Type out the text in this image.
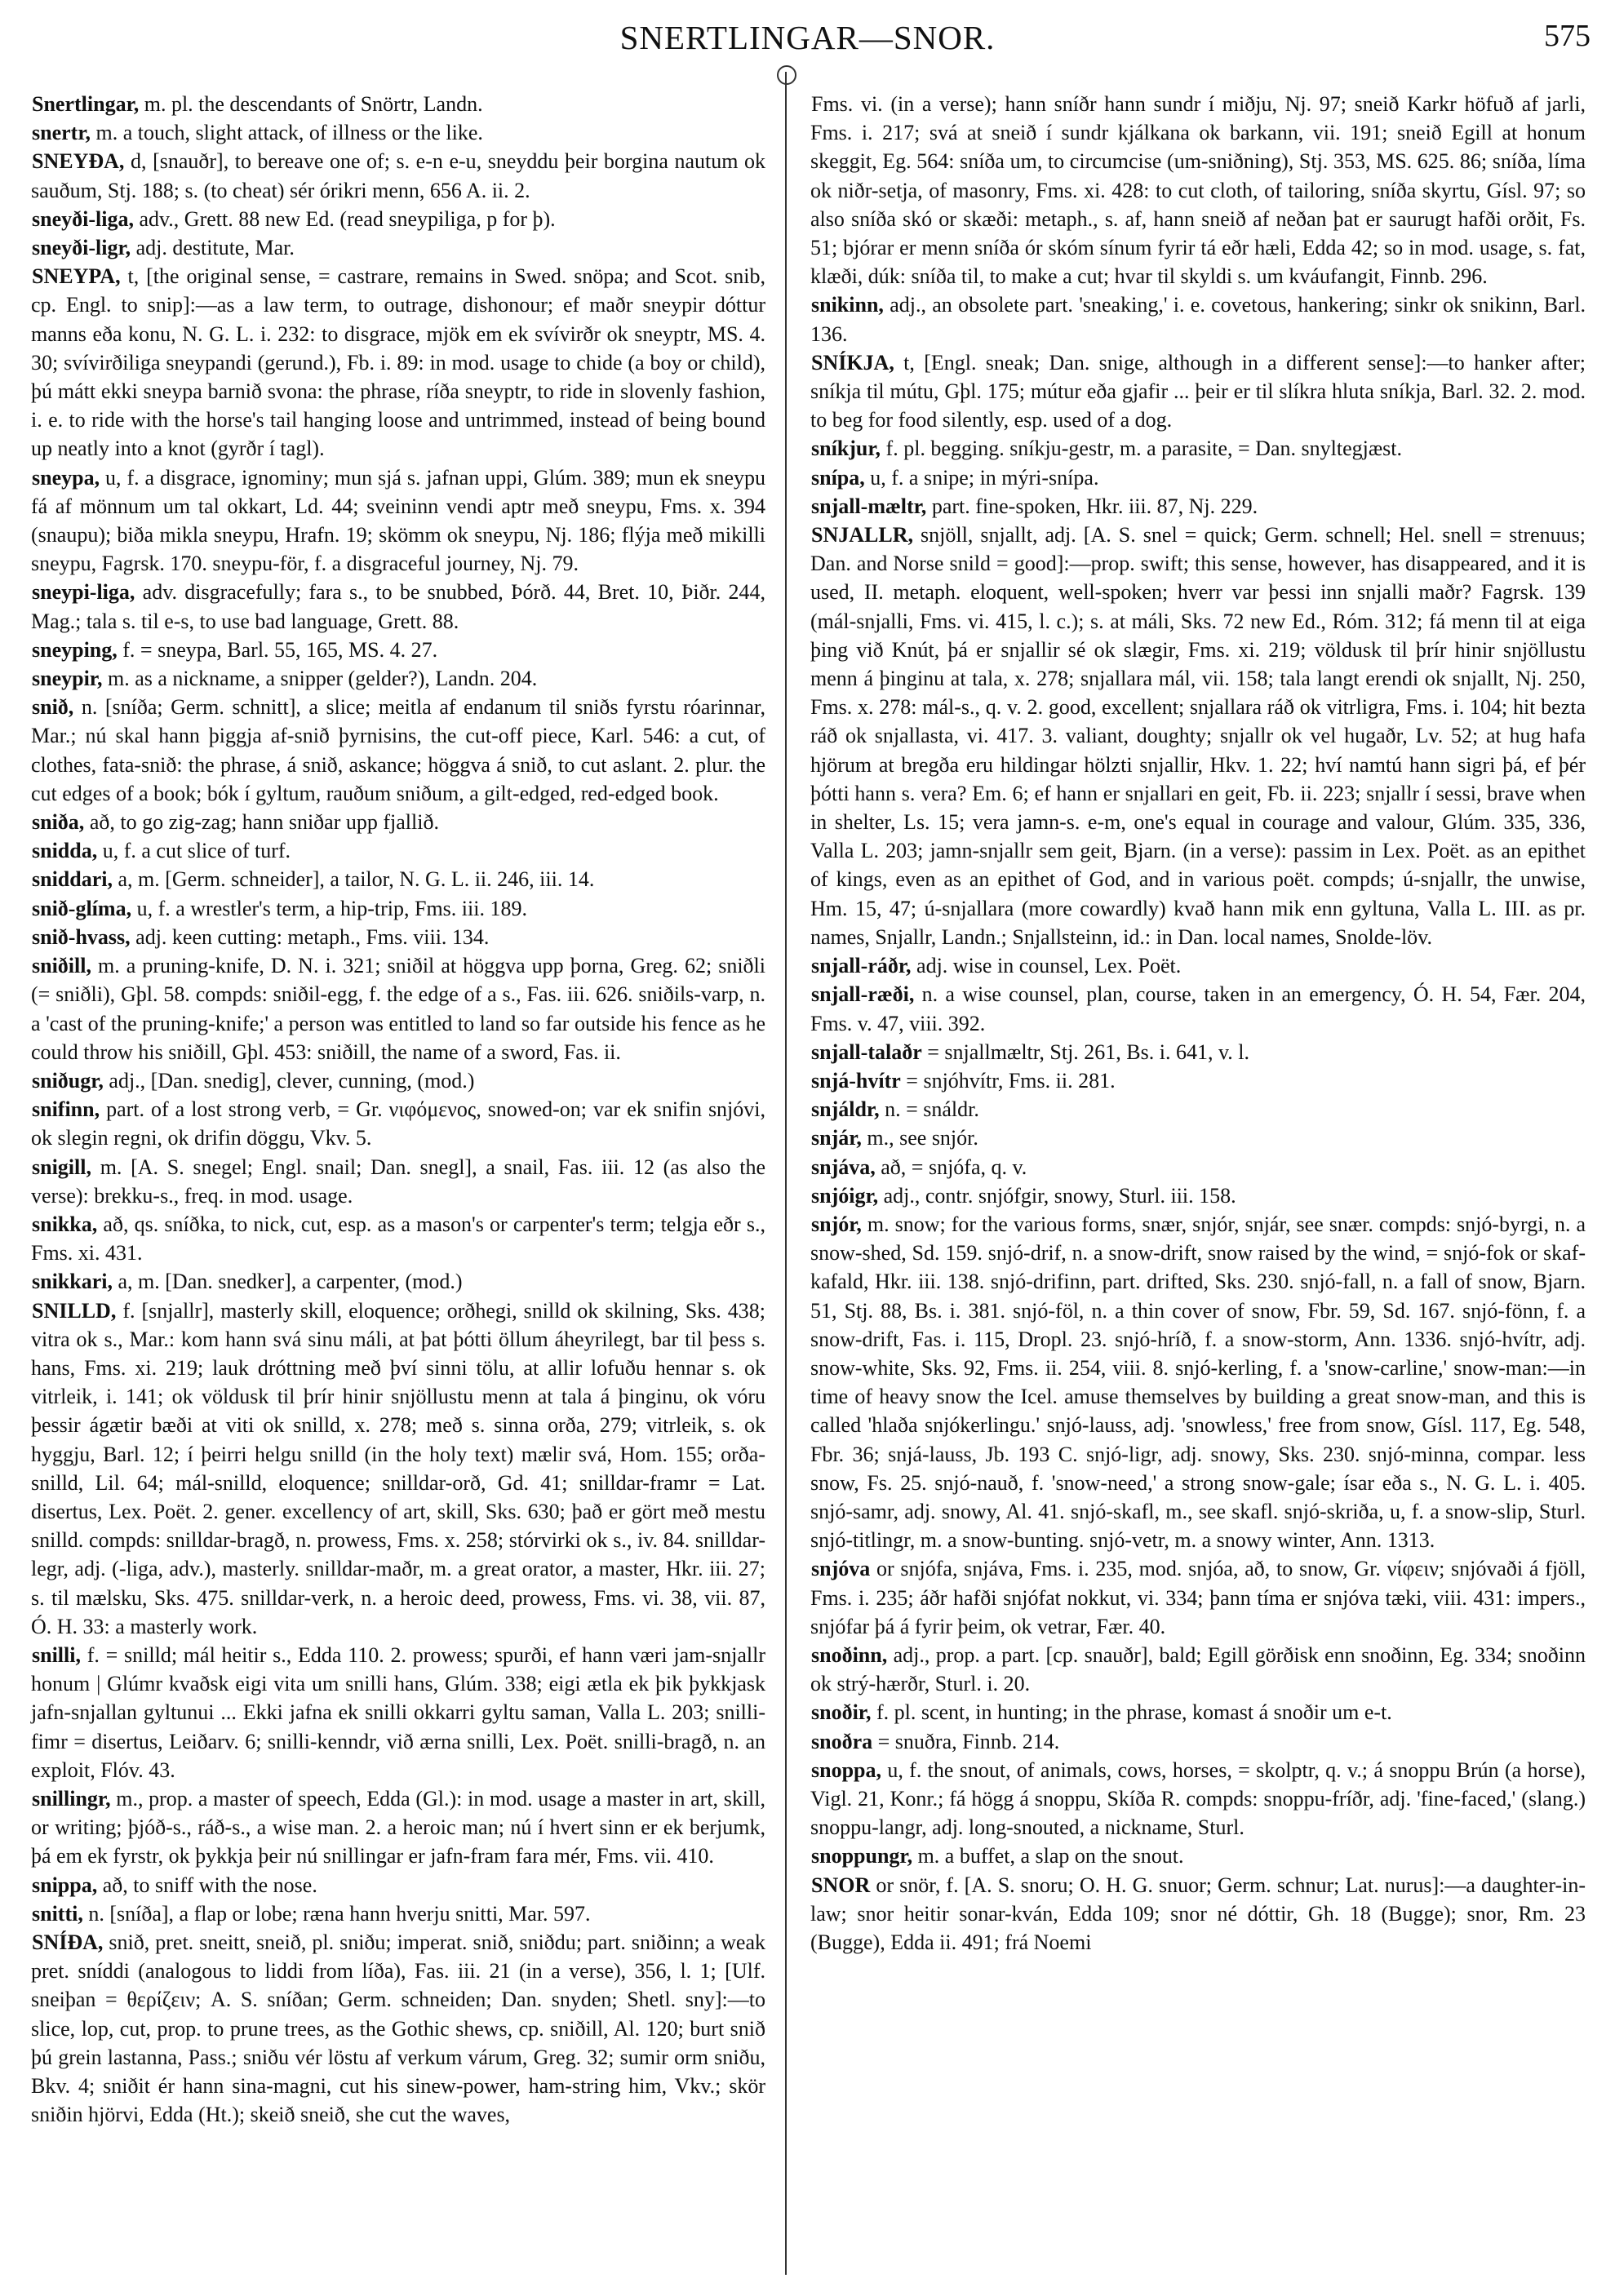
SNERTLINGAR—SNOR.	575

Snertlingar, m. pl. the descendants of Snörtr, Landn.

snertr, m. a touch, slight attack, of illness or the like.

SNEYÐA, d, [snauðr], to bereave one of; s. e-n e-u, sneyddu þeir borgina nautum ok sauðum, Stj. 188; s. (to cheat) sér órikri menn, 656 A. ii. 2.

sneyði-liga, adv., Grett. 88 new Ed. (read sneypiliga, p for þ).

sneyði-ligr, adj. destitute, Mar.

SNEYPA, t, [the original sense, = castrare, remains in Swed. snöpa; and Scot. snib, cp. Engl. to snip]:—as a law term, to outrage, dishonour; ef maðr sneypir dóttur manns eða konu, N. G. L. i. 232: to disgrace, mjök em ek svívirðr ok sneyptr, MS. 4. 30; svívirðiliga sneypandi (gerund.), Fb. i. 89: in mod. usage to chide (a boy or child), þú mátt ekki sneypa barnið svona: the phrase, ríða sneyptr, to ride in slovenly fashion, i. e. to ride with the horse's tail hanging loose and untrimmed, instead of being bound up neatly into a knot (gyrðr í tagl).

sneypa, u, f. a disgrace, ignominy; mun sjá s. jafnan uppi, Glúm. 389; mun ek sneypu fá af mönnum um tal okkart, Ld. 44; sveininn vendi aptr með sneypu, Fms. x. 394 (snaupu); biða mikla sneypu, Hrafn. 19; skömm ok sneypu, Nj. 186; flýja með mikilli sneypu, Fagrsk. 170. sneypu-för, f. a disgraceful journey, Nj. 79.

sneypi-liga, adv. disgracefully; fara s., to be snubbed, Þórð. 44, Bret. 10, Þiðr. 244, Mag.; tala s. til e-s, to use bad language, Grett. 88.

sneyping, f. = sneypa, Barl. 55, 165, MS. 4. 27.

sneypir, m. as a nickname, a snipper (gelder?), Landn. 204.

snið, n. [sníða; Germ. schnitt], a slice; meitla af endanum til sniðs fyrstu róarinnar, Mar.; nú skal hann þiggja af-snið þyrnisins, the cut-off piece, Karl. 546: a cut, of clothes, fata-snið: the phrase, á snið, askance; höggva á snið, to cut aslant. 2. plur. the cut edges of a book; bók í gyltum, rauðum sniðum, a gilt-edged, red-edged book.

sniða, að, to go zig-zag; hann sniðar upp fjallið.

snidda, u, f. a cut slice of turf.

sniddari, a, m. [Germ. schneider], a tailor, N. G. L. ii. 246, iii. 14.

snið-glíma, u, f. a wrestler's term, a hip-trip, Fms. iii. 189.

snið-hvass, adj. keen cutting: metaph., Fms. viii. 134.

sniðill, m. a pruning-knife, D. N. i. 321; sniðil at höggva upp þorna, Greg. 62; sniðli (= sniðli), Gþl. 58. compds: sniðil-egg, f. the edge of a s., Fas. iii. 626. sniðils-varp, n. a 'cast of the pruning-knife;' a person was entitled to land so far outside his fence as he could throw his sniðill, Gþl. 453: sniðill, the name of a sword, Fas. ii.

sniðugr, adj., [Dan. snedig], clever, cunning, (mod.)

snifinn, part. of a lost strong verb, = Gr. νιφόμενος, snowed-on; var ek snifin snjóvi, ok slegin regni, ok drifin döggu, Vkv. 5.

snigill, m. [A. S. snegel; Engl. snail; Dan. snegl], a snail, Fas. iii. 12 (as also the verse): brekku-s., freq. in mod. usage.

snikka, að, qs. sníðka, to nick, cut, esp. as a mason's or carpenter's term; telgja eðr s., Fms. xi. 431.

snikkari, a, m. [Dan. snedker], a carpenter, (mod.)

SNILLD, f. [snjallr], masterly skill, eloquence; orðhegi, snilld ok skilning, Sks. 438; vitra ok s., Mar.: kom hann svá sinu máli, at þat þótti öllum áheyrilegt, bar til þess s. hans, Fms. xi. 219; lauk dróttning með því sinni tölu, at allir lofuðu hennar s. ok vitrleik, i. 141; ok völdusk til þrír hinir snjöllustu menn at tala á þinginu, ok vóru þessir ágætir bæði at viti ok snilld, x. 278; með s. sinna orða, 279; vitrleik, s. ok hyggju, Barl. 12; í þeirri helgu snilld (in the holy text) mælir svá, Hom. 155; orða-snilld, Lil. 64; mál-snilld, eloquence; snilldar-orð, Gd. 41; snilldar-framr = Lat. disertus, Lex. Poët. 2. gener. excellency of art, skill, Sks. 630; það er gört með mestu snilld. compds: snilldar-bragð, n. prowess, Fms. x. 258; stórvirki ok s., iv. 84. snilldar-legr, adj. (-liga, adv.), masterly. snilldar-maðr, m. a great orator, a master, Hkr. iii. 27; s. til mælsku, Sks. 475. snilldar-verk, n. a heroic deed, prowess, Fms. vi. 38, vii. 87, Ó. H. 33: a masterly work.

snilli, f. = snilld; mál heitir s., Edda 110. 2. prowess; spurði, ef hann væri jam-snjallr honum | Glúmr kvaðsk eigi vita um snilli hans, Glúm. 338; eigi ætla ek þik þykkjask jafn-snjallan gyltunui ... Ekki jafna ek snilli okkarri gyltu saman, Valla L. 203; snilli-fimr = disertus, Leiðarv. 6; snilli-kenndr, við ærna snilli, Lex. Poët. snilli-bragð, n. an exploit, Flóv. 43.

snillingr, m., prop. a master of speech, Edda (Gl.): in mod. usage a master in art, skill, or writing; þjóð-s., ráð-s., a wise man. 2. a heroic man; nú í hvert sinn er ek berjumk, þá em ek fyrstr, ok þykkja þeir nú snillingar er jafn-fram fara mér, Fms. vii. 410.

snippa, að, to sniff with the nose.

snitti, n. [sníða], a flap or lobe; ræna hann hverju snitti, Mar. 597.

SNÍÐA, snið, pret. sneitt, sneið, pl. sniðu; imperat. snið, sniðdu; part. sniðinn; a weak pret. sníddi (analogous to liddi from líða), Fas. iii. 21 (in a verse), 356, l. 1; [Ulf. sneiþan = θερίζειν; A. S. sníðan; Germ. schneiden; Dan. snyden; Shetl. sny]:—to slice, lop, cut, prop. to prune trees, as the Gothic shews, cp. sniðill, Al. 120; burt snið þú grein lastanna, Pass.; sniðu vér löstu af verkum várum, Greg. 32; sumir orm sniðu, Bkv. 4; sniðit ér hann sina-magni, cut his sinew-power, ham-string him, Vkv.; skör sniðin hjörvi, Edda (Ht.); skeið sneið, she cut the waves,

Fms. vi. (in a verse); hann sníðr hann sundr í miðju, Nj. 97; sneið Karkr höfuð af jarli, Fms. i. 217; svá at sneið í sundr kjálkana ok barkann, vii. 191; sneið Egill at honum skeggit, Eg. 564: sníða um, to circumcise (um-sniðning), Stj. 353, MS. 625. 86; sníða, líma ok niðr-setja, of masonry, Fms. xi. 428: to cut cloth, of tailoring, sníða skyrtu, Gísl. 97; so also sníða skó or skæði: metaph., s. af, hann sneið af neðan þat er saurugt hafði orðit, Fs. 51; bjórar er menn sníða ór skóm sínum fyrir tá eðr hæli, Edda 42; so in mod. usage, s. fat, klæði, dúk: sníða til, to make a cut; hvar til skyldi s. um kváufangit, Finnb. 296.

snikinn, adj., an obsolete part. 'sneaking,' i. e. covetous, hankering; sinkr ok snikinn, Barl. 136.

SNÍKJA, t, [Engl. sneak; Dan. snige, although in a different sense]:—to hanker after; sníkja til mútu, Gþl. 175; mútur eða gjafir ... þeir er til slíkra hluta sníkja, Barl. 32. 2. mod. to beg for food silently, esp. used of a dog.

sníkjur, f. pl. begging. sníkju-gestr, m. a parasite, = Dan. snyltegjæst.

snípa, u, f. a snipe; in mýri-snípa.

snjall-mæltr, part. fine-spoken, Hkr. iii. 87, Nj. 229.

SNJALLR, snjöll, snjallt, adj. [A. S. snel = quick; Germ. schnell; Hel. snell = strenuus; Dan. and Norse snild = good]:—prop. swift; this sense, however, has disappeared, and it is used, II. metaph. eloquent, well-spoken; hverr var þessi inn snjalli maðr? Fagrsk. 139 (mál-snjalli, Fms. vi. 415, l. c.); s. at máli, Sks. 72 new Ed., Róm. 312; fá menn til at eiga þing við Knút, þá er snjallir sé ok slægir, Fms. xi. 219; völdusk til þrír hinir snjöllustu menn á þinginu at tala, x. 278; snjallara mál, vii. 158; tala langt erendi ok snjallt, Nj. 250, Fms. x. 278: mál-s., q. v. 2. good, excellent; snjallara ráð ok vitrligra, Fms. i. 104; hit bezta ráð ok snjallasta, vi. 417. 3. valiant, doughty; snjallr ok vel hugaðr, Lv. 52; at hug hafa hjörum at bregða eru hildingar hölzti snjallir, Hkv. 1. 22; hví namtú hann sigri þá, ef þér þótti hann s. vera? Em. 6; ef hann er snjallari en geit, Fb. ii. 223; snjallr í sessi, brave when in shelter, Ls. 15; vera jamn-s. e-m, one's equal in courage and valour, Glúm. 335, 336, Valla L. 203; jamn-snjallr sem geit, Bjarn. (in a verse): passim in Lex. Poët. as an epithet of kings, even as an epithet of God, and in various poët. compds; ú-snjallr, the unwise, Hm. 15, 47; ú-snjallara (more cowardly) kvað hann mik enn gyltuna, Valla L. III. as pr. names, Snjallr, Landn.; Snjallsteinn, id.: in Dan. local names, Snolde-löv.

snjall-ráðr, adj. wise in counsel, Lex. Poët.

snjall-ræði, n. a wise counsel, plan, course, taken in an emergency, Ó. H. 54, Fær. 204, Fms. v. 47, viii. 392.

snjall-talaðr = snjallmæltr, Stj. 261, Bs. i. 641, v. l.

snjá-hvítr = snjóhvítr, Fms. ii. 281.

snjáldr, n. = snáldr.

snjár, m., see snjór.

snjáva, að, = snjófa, q. v.

snjóigr, adj., contr. snjófgir, snowy, Sturl. iii. 158.

snjór, m. snow; for the various forms, snær, snjór, snjár, see snær. compds: snjó-byrgi, n. a snow-shed, Sd. 159. snjó-drif, n. a snow-drift, snow raised by the wind, = snjó-fok or skaf-kafald, Hkr. iii. 138. snjó-drifinn, part. drifted, Sks. 230. snjó-fall, n. a fall of snow, Bjarn. 51, Stj. 88, Bs. i. 381. snjó-föl, n. a thin cover of snow, Fbr. 59, Sd. 167. snjó-fönn, f. a snow-drift, Fas. i. 115, Dropl. 23. snjó-hríð, f. a snow-storm, Ann. 1336. snjó-hvítr, adj. snow-white, Sks. 92, Fms. ii. 254, viii. 8. snjó-kerling, f. a 'snow-carline,' snow-man:—in time of heavy snow the Icel. amuse themselves by building a great snow-man, and this is called 'hlaða snjókerlingu.' snjó-lauss, adj. 'snowless,' free from snow, Gísl. 117, Eg. 548, Fbr. 36; snjá-lauss, Jb. 193 C. snjó-ligr, adj. snowy, Sks. 230. snjó-minna, compar. less snow, Fs. 25. snjó-nauð, f. 'snow-need,' a strong snow-gale; ísar eða s., N. G. L. i. 405. snjó-samr, adj. snowy, Al. 41. snjó-skafl, m., see skafl. snjó-skriða, u, f. a snow-slip, Sturl. snjó-titlingr, m. a snow-bunting. snjó-vetr, m. a snowy winter, Ann. 1313.

snjóva or snjófa, snjáva, Fms. i. 235, mod. snjóa, að, to snow, Gr. νίφειν; snjóvaði á fjöll, Fms. i. 235; áðr hafði snjófat nokkut, vi. 334; þann tíma er snjóva tæki, viii. 431: impers., snjófar þá á fyrir þeim, ok vetrar, Fær. 40.

snoðinn, adj., prop. a part. [cp. snauðr], bald; Egill görðisk enn snoðinn, Eg. 334; snoðinn ok strý-hærðr, Sturl. i. 20.

snoðir, f. pl. scent, in hunting; in the phrase, komast á snoðir um e-t.

snoðra = snuðra, Finnb. 214.

snoppa, u, f. the snout, of animals, cows, horses, = skolptr, q. v.; á snoppu Brún (a horse), Vigl. 21, Konr.; fá högg á snoppu, Skíða R. compds: snoppu-fríðr, adj. 'fine-faced,' (slang.) snoppu-langr, adj. long-snouted, a nickname, Sturl.

snoppungr, m. a buffet, a slap on the snout.

SNOR or snör, f. [A. S. snoru; O. H. G. snuor; Germ. schnur; Lat. nurus]:—a daughter-in-law; snor heitir sonar-kván, Edda 109; snor né dóttir, Gh. 18 (Bugge); snor, Rm. 23 (Bugge), Edda ii. 491; frá Noemi
